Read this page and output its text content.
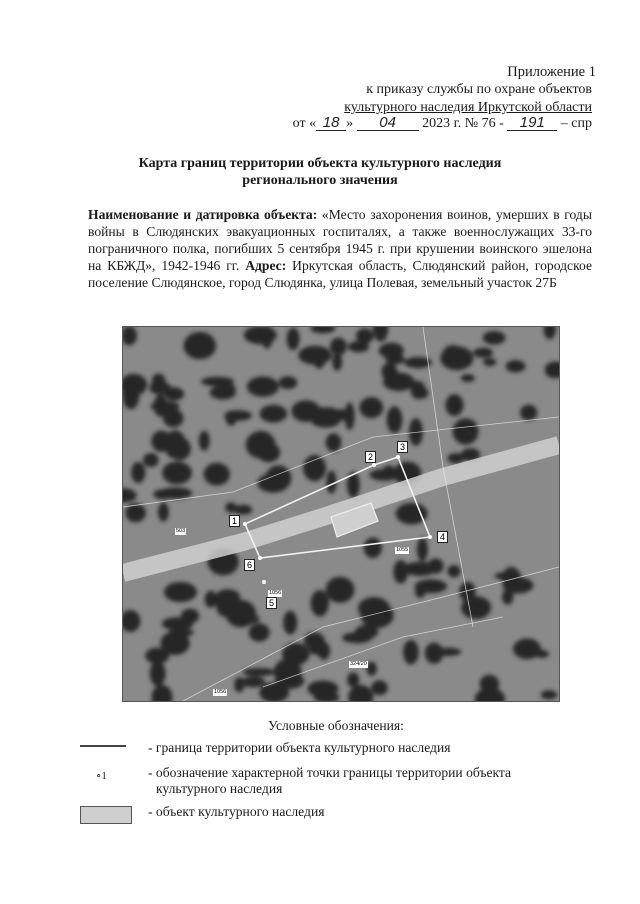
Приложение 1
к приказу службы по охране объектов
культурного наследия Иркутской области
от « 18 » 04 2023 г. № 76 - 191 – спр
Карта границ территории объекта культурного наследия
регионального значения
Наименование и датировка объекта: «Место захоронения воинов, умерших в годы войны в Слюдянских эвакуационных госпиталях, а также военнослужащих 33-го пограничного полка, погибших 5 сентября 1945 г. при крушении воинского эшелона на КБЖД», 1942-1946 гг. Адрес: Иркутская область, Слюдянский район, городское поселение Слюдянское, город Слюдянка, улица Полевая, земельный участок 27Б
1
2
3
4
5
6
503
1055
1056
324/20
1056
Условные обозначения:
- граница территории объекта культурного наследия
∘1	- обозначение характерной точки границы территории объекта
культурного наследия
- объект культурного наследия
